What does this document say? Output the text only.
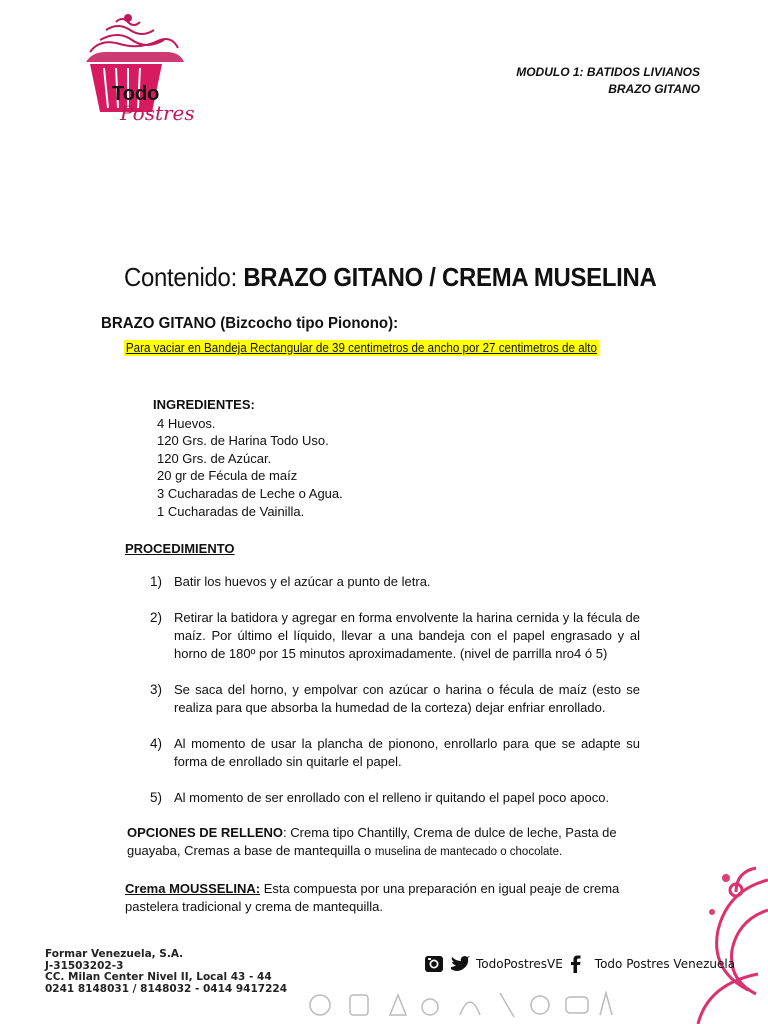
Todo
Postres
MODULO 1: BATIDOS LIVIANOS
BRAZO GITANO
Contenido: BRAZO GITANO / CREMA MUSELINA
BRAZO GITANO (Bizcocho tipo Pionono):
Para vaciar en Bandeja Rectangular de 39 centimetros de ancho por 27 centimetros de alto
INGREDIENTES:
4 Huevos.
120 Grs. de Harina Todo Uso.
120 Grs. de Azúcar.
20 gr de Fécula de maíz
3 Cucharadas de Leche o Agua.
1 Cucharadas de Vainilla.
PROCEDIMIENTO
1) Batir los huevos y el azúcar a punto de letra.
2) Retirar la batidora y agregar en forma envolvente la harina cernida y la fécula de maíz. Por último el líquido, llevar a una bandeja con el papel engrasado y al horno de 180º por 15 minutos aproximadamente. (nivel de parrilla nro4 ó 5)
3) Se saca del horno, y empolvar con azúcar o harina o fécula de maíz (esto se realiza para que absorba la humedad de la corteza) dejar enfriar enrollado.
4) Al momento de usar la plancha de pionono, enrollarlo para que se adapte su forma de enrollado sin quitarle el papel.
5) Al momento de ser enrollado con el relleno ir quitando el papel poco apoco.
OPCIONES DE RELLENO: Crema tipo Chantilly, Crema de dulce de leche, Pasta de guayaba, Cremas a base de mantequilla o muselina de mantecado o chocolate.
Crema MOUSSELINA: Esta compuesta por una preparación en igual peaje de crema pastelera tradicional y crema de mantequilla.
Formar Venezuela, S.A.
J-31503202-3
CC. Milan Center Nivel II, Local 43 - 44
0241 8148031 / 8148032 - 0414 9417224
TodoPostresVE	Todo Postres Venezuela
